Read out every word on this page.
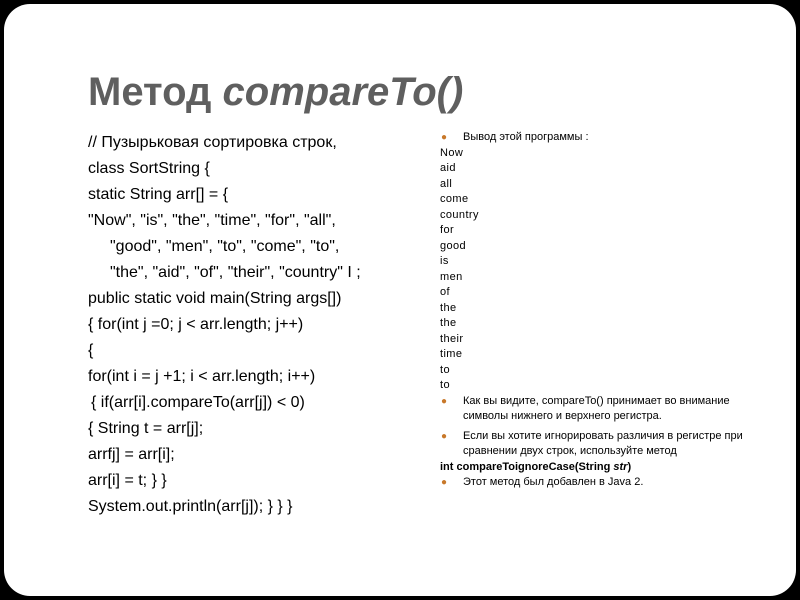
Метод compareTo()
// Пузырьковая сортировка строк,
class SortString {
static String arr[] = {
"Now", "is", "the", "time", "for", "all",
"good", "men", "to", "come", "to",
"the", "aid", "of", "their", "country" I ;
public static void main(String args[])
{ for(int j =0; j < arr.length; j++)
{
for(int i = j +1; i < arr.length; i++)
{ if(arr[i].compareTo(arr[j]) < 0)
{ String t = arr[j];
arrfj] = arr[i];
arr[i] = t; } }
System.out.println(arr[j]); } } }
● Вывод этой программы :
Now
aid
all
come
country
for
good
is
men
of
the
the
their
time
to
to
● Как вы видите, compareTo() принимает во внимание символы нижнего и верхнего регистра.
● Если вы хотите игнорировать различия в регистре при сравнении двух строк, используйте метод
int compareToignoreCase(String str)
● Этот метод был добавлен в Java 2.
